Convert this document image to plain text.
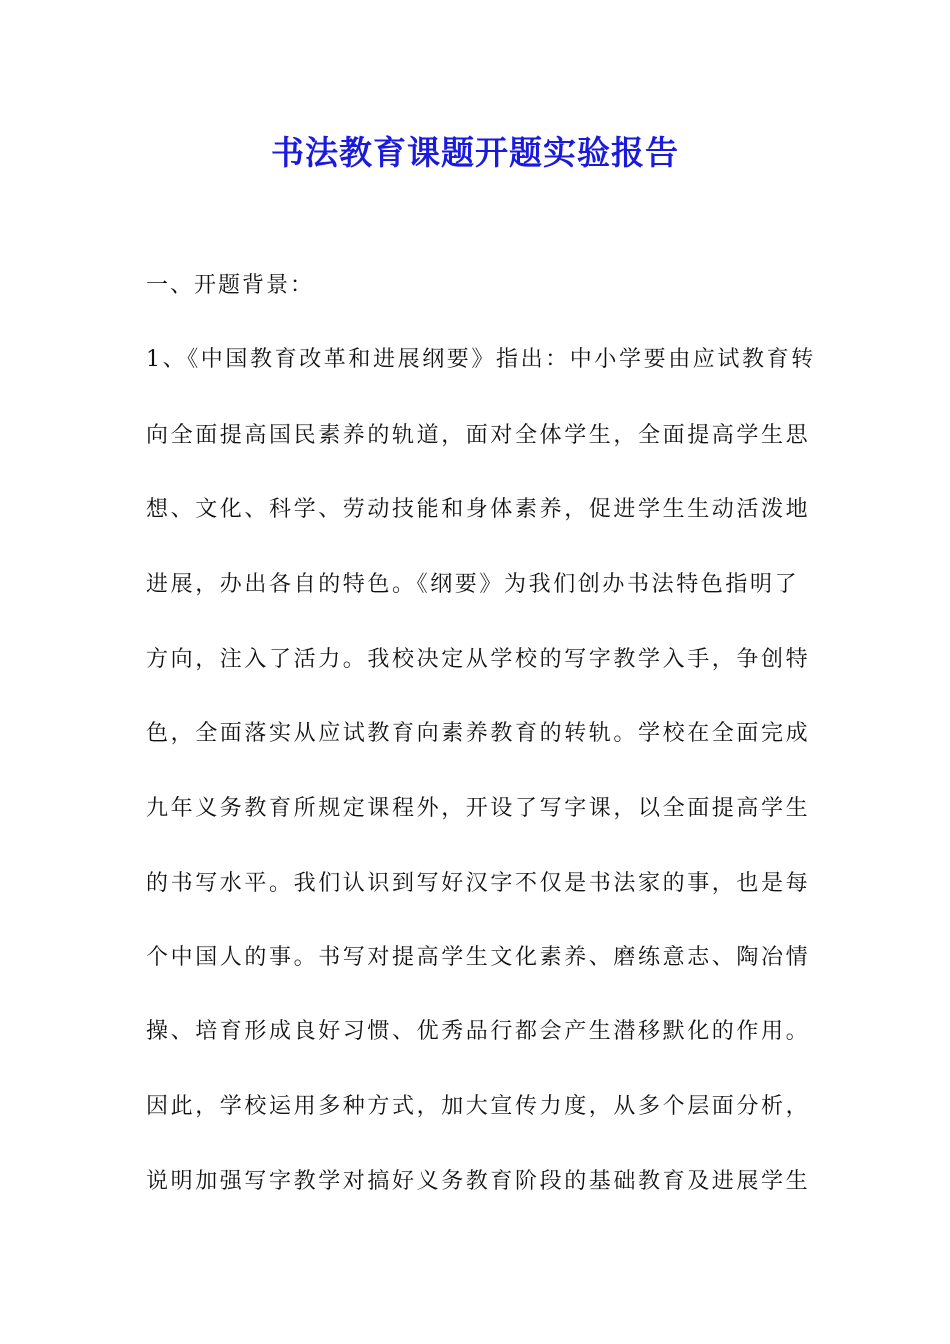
书法教育课题开题实验报告
一、开题背景：
1、《中国教育改革和进展纲要》指出：中小学要由应试教育转
向全面提高国民素养的轨道，面对全体学生，全面提高学生思
想、文化、科学、劳动技能和身体素养，促进学生生动活泼地
进展，办出各自的特色。《纲要》为我们创办书法特色指明了
方向，注入了活力。我校决定从学校的写字教学入手，争创特
色，全面落实从应试教育向素养教育的转轨。学校在全面完成
九年义务教育所规定课程外，开设了写字课，以全面提高学生
的书写水平。我们认识到写好汉字不仅是书法家的事，也是每
个中国人的事。书写对提高学生文化素养、磨练意志、陶冶情
操、培育形成良好习惯、优秀品行都会产生潜移默化的作用。
因此，学校运用多种方式，加大宣传力度，从多个层面分析，
说明加强写字教学对搞好义务教育阶段的基础教育及进展学生
